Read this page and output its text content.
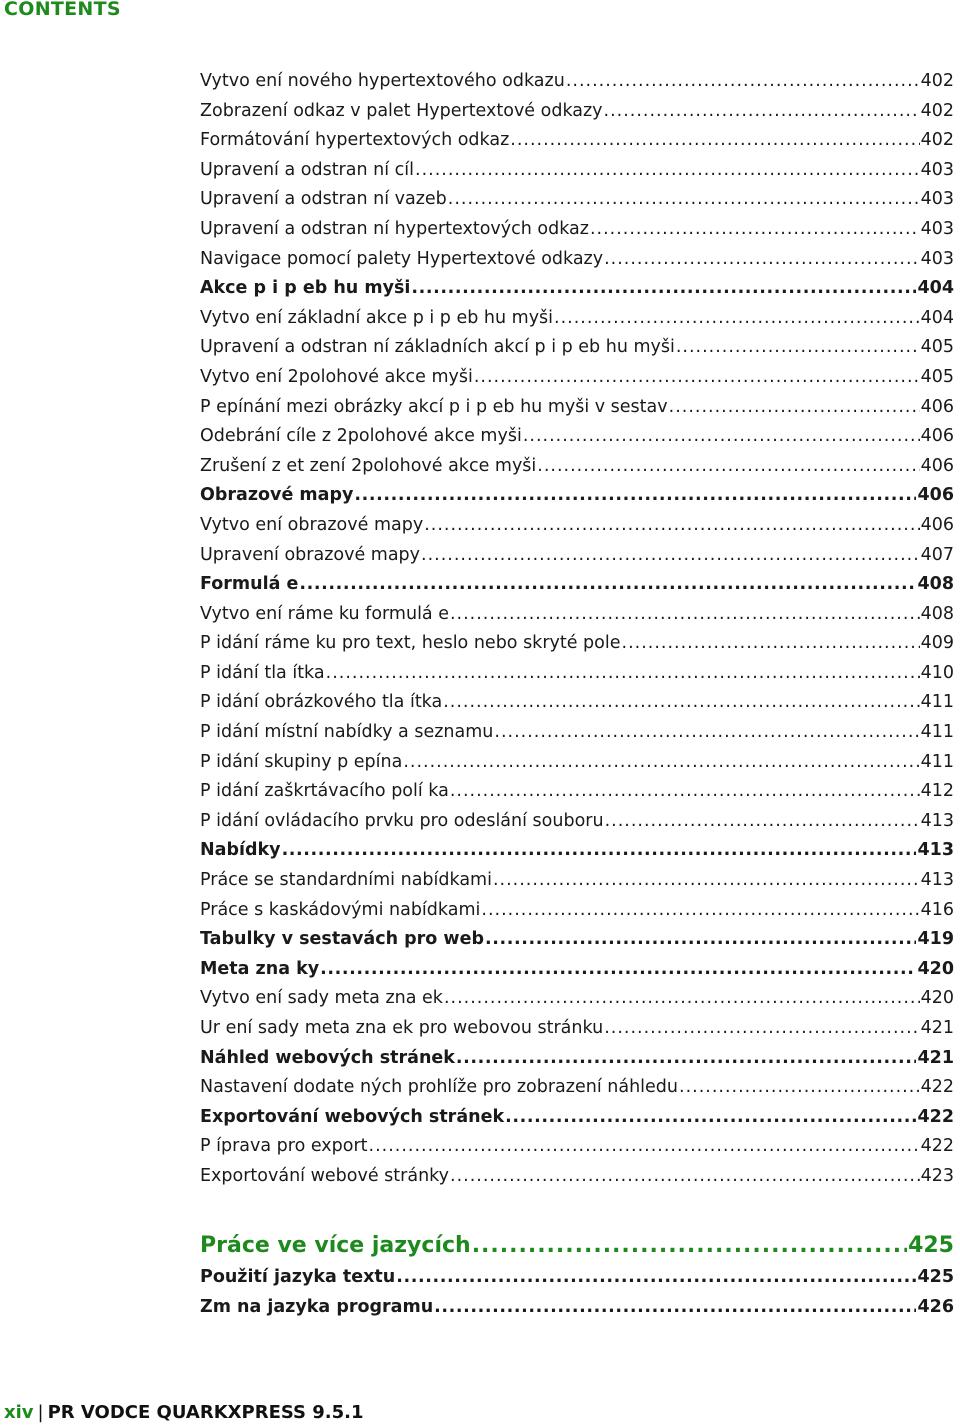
CONTENTS
Vytvo ení nového hypertextového odkazu .....	402
Zobrazení odkaz v palet Hypertextové odkazy .....	402
Formátování hypertextových odkaz .....	402
Upravení a odstran ní cíl .....	403
Upravení a odstran ní vazeb .....	403
Upravení a odstran ní hypertextových odkaz .....	403
Navigace pomocí palety Hypertextové odkazy .....	403
Akce p i p eb hu myši .....	404
Vytvo ení základní akce p i p eb hu myši .....	404
Upravení a odstran ní základních akcí p i p eb hu myši .....	405
Vytvo ení 2polohové akce myši .....	405
P epínání mezi obrázky akcí p i p eb hu myši v sestav .....	406
Odebrání cíle z 2polohové akce myši .....	406
Zrušení z et zení 2polohové akce myši .....	406
Obrazové mapy .....	406
Vytvo ení obrazové mapy .....	406
Upravení obrazové mapy .....	407
Formulá e .....	408
Vytvo ení ráme ku formulá e .....	408
P idání ráme ku pro text, heslo nebo skryté pole .....	409
P idání tla ítka .....	410
P idání obrázkového tla ítka .....	411
P idání místní nabídky a seznamu .....	411
P idání skupiny p epína .....	411
P idání zaškrtávacího polí ka .....	412
P idání ovládacího prvku pro odeslání souboru .....	413
Nabídky .....	413
Práce se standardními nabídkami .....	413
Práce s kaskádovými nabídkami .....	416
Tabulky v sestavách pro web .....	419
Meta zna ky .....	420
Vytvo ení sady meta zna ek .....	420
Ur ení sady meta zna ek pro webovou stránku .....	421
Náhled webových stránek .....	421
Nastavení dodate ných prohlíže pro zobrazení náhledu .....	422
Exportování webových stránek .....	422
P íprava pro export .....	422
Exportování webové stránky .....	423
Práce ve více jazycích .....	425
Použití jazyka textu .....	425
Zm na jazyka programu .....	426
xiv | PR VODCE QUARKXPRESS 9.5.1
